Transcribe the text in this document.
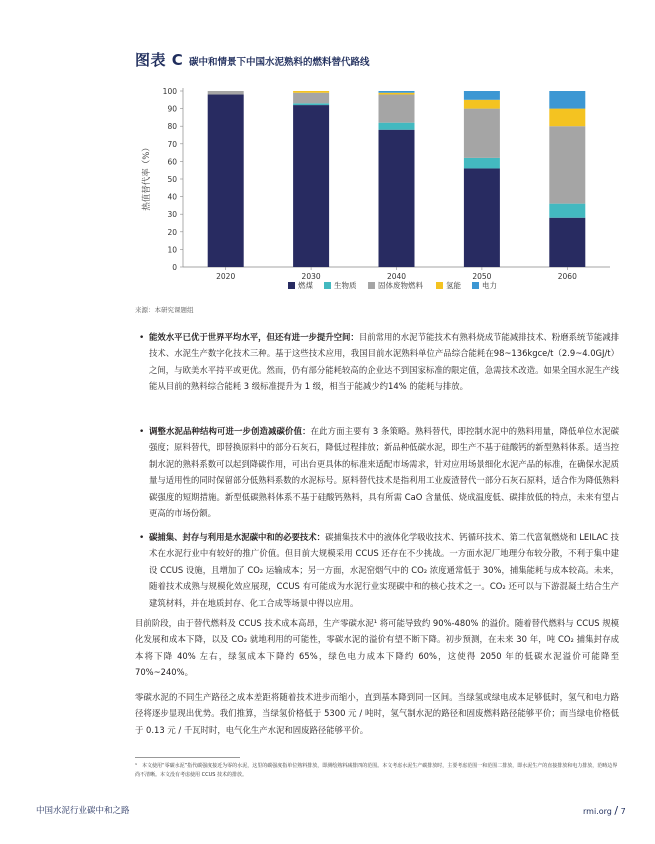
图表 C 碳中和情景下中国水泥熟料的燃料替代路线
热值替代率（%）
0
10
20
30
40
50
60
70
80
90
100
2020	2030	2040	2050	2060
燃煤	生物质	固体废物燃料	氢能	电力
来源：本研究课题组
• 能效水平已优于世界平均水平，但还有进一步提升空间：目前常用的水泥节能技术有熟料烧成节能减排技术、粉磨系统节能减排技术、水泥生产数字化技术三种。基于这些技术应用，我国目前水泥熟料单位产品综合能耗在98~136kgce/t（2.9~4.0GJ/t）之间，与欧美水平持平或更优。然而，仍有部分能耗较高的企业达不到国家标准的限定值，急需技术改造。如果全国水泥生产线能从目前的熟料综合能耗 3 级标准提升为 1 级，相当于能减少约14% 的能耗与排放。
• 调整水泥品种结构可进一步创造减碳价值：在此方面主要有 3 条策略。熟料替代，即控制水泥中的熟料用量，降低单位水泥碳强度；原料替代，即替换原料中的部分石灰石，降低过程排放；新品种低碳水泥，即生产不基于硅酸钙的新型熟料体系。适当控制水泥的熟料系数可以起到降碳作用，可出台更具体的标准来适配市场需求，针对应用场景细化水泥产品的标准，在确保水泥质量与适用性的同时保留部分低熟料系数的水泥标号。原料替代技术是指利用工业废渣替代一部分石灰石原料，适合作为降低熟料碳强度的短期措施。新型低碳熟料体系不基于硅酸钙熟料，具有所需 CaO 含量低、烧成温度低、碳排放低的特点，未来有望占更高的市场份额。
• 碳捕集、封存与利用是水泥碳中和的必要技术：碳捕集技术中的液体化学吸收技术、钙循环技术、第二代富氧燃烧和 LEILAC 技术在水泥行业中有较好的推广价值。但目前大规模采用 CCUS 还存在不少挑战。一方面水泥厂地理分布较分散，不利于集中建设 CCUS 设施，且增加了 CO₂ 运输成本；另一方面，水泥窑烟气中的 CO₂ 浓度通常低于 30%，捕集能耗与成本较高。未来，随着技术成熟与规模化效应展现，CCUS 有可能成为水泥行业实现碳中和的核心技术之一。CO₂ 还可以与下游混凝土结合生产建筑材料，并在地质封存、化工合成等场景中得以应用。
目前阶段，由于替代燃料及 CCUS 技术成本高昂，生产零碳水泥¹ 将可能导致约 90%-480% 的溢价。随着替代燃料与 CCUS 规模化发展和成本下降，以及 CO₂ 就地利用的可能性，零碳水泥的溢价有望不断下降。初步预测，在未来 30 年，吨 CO₂ 捕集封存成本将下降 40% 左右，绿氢成本下降约 65%，绿色电力成本下降约 60%，这使得 2050 年的低碳水泥溢价可能降至 70%~240%。
零碳水泥的不同生产路径之成本差距将随着技术进步而缩小，直到基本降到同一区间。当绿氢或绿电成本足够低时，氢气和电力路径将逐步显现出优势。我们推算，当绿氢价格低于 5300 元 / 吨时，氢气制水泥的路径和固废燃料路径能够平价；而当绿电价格低于 0.13 元 / 千瓦时时，电气化生产水泥和固废路径能够平价。
¹　本文使用“零碳水泥”指代碳强度接近为零的水泥，这里的碳强度指单位熟料排放，即测绘熟料减排四的范围。本文考虑水泥生产碳排放时，主要考虑范围一和范围二排放，即水泥生产的直接排放和电力排放，范畴边界尚不清晰。本文没有考虑使用 CCUS 技术的排放。
中国水泥行业碳中和之路	rmi.org / 7
